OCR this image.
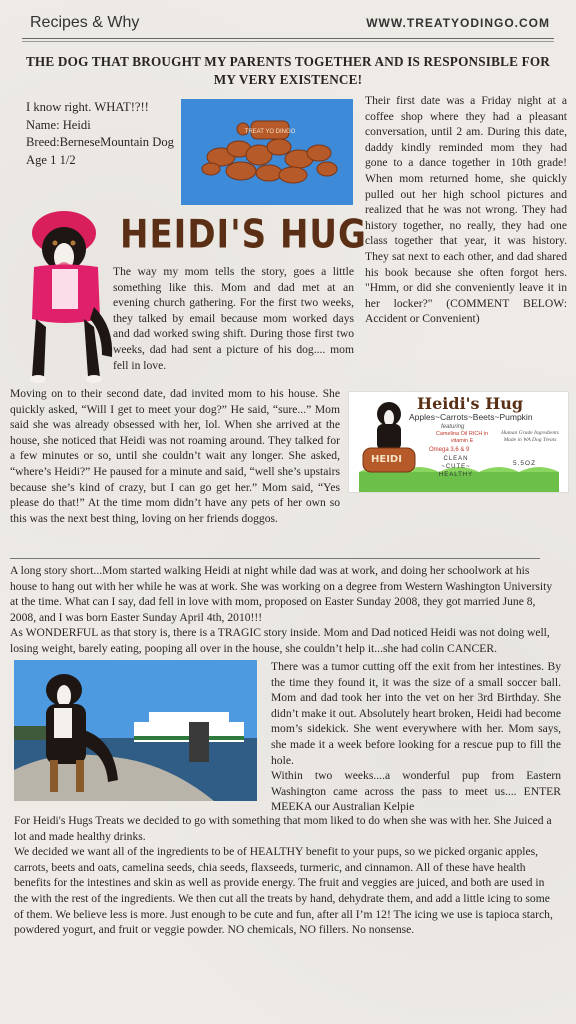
Recipes & Why	WWW.TREATYODINGO.COM
THE DOG THAT BROUGHT MY PARENTS TOGETHER AND IS RESPONSIBLE FOR MY VERY EXISTENCE!
I know right. WHAT!?!!
Name: Heidi
Breed:BerneseMountain Dog
Age 1 1/2
TREAT YO DINGO
Their first date was a Friday night at a coffee shop where they had a pleasant conversation, until 2 am. During this date, daddy kindly reminded mom they had gone to a dance together in 10th grade! When mom returned home, she quickly pulled out her high school pictures and realized that he was not wrong. They had history together, no really, they had one class together that year, it was history. They sat next to each other, and dad shared his book because she often forgot hers. "Hmm, or did she conveniently leave it in her locker?" (COMMENT BELOW: Accident or Convenient)
HEIDI'S HUG
The way my mom tells the story, goes a little something like this. Mom and dad met at an evening church gathering. For the first two weeks, they talked by email because mom worked days and dad worked swing shift. During those first two weeks, dad had sent a picture of his dog.... mom fell in love.
Moving on to their second date, dad invited mom to his house. She quickly asked, “Will I get to meet your dog?” He said, “sure...” Mom said she was already obsessed with her, lol. When she arrived at the house, she noticed that Heidi was not roaming around. They talked for a few minutes or so, until she couldn’t wait any longer. She asked, “where’s Heidi?” He paused for a minute and said, “well she’s upstairs because she’s kind of crazy, but I can go get her.” Mom said, “Yes please do that!” At the time mom didn’t have any pets of her own so this was the next best thing, loving on her friends doggos.
Heidi's Hug
Apples~Carrots~Beets~Pumpkin
featuring
Camelina Oil RICH in vitamin E
Omega 3,6 & 9
CLEAN ~CUTE~ HEALTHY
Human Grade Ingredients Made in WA Dog Treats
5.5OZ
HEIDI

A long story short...Mom started walking Heidi at night while dad was at work, and doing her schoolwork at his house to hang out with her while he was at work. She was working on a degree from Western Washington University at the time. What can I say, dad fell in love with mom, proposed on Easter Sunday 2008, they got married June 8, 2008, and I was born Easter Sunday April 4th, 2010!!!

As WONDERFUL as that story is, there is a TRAGIC story inside. Mom and Dad noticed Heidi was not doing well, losing weight, barely eating, pooping all over in the house, she couldn’t help it...she had colin CANCER.

There was a tumor cutting off the exit from her intestines. By the time they found it, it was the size of a small soccer ball. Mom and dad took her into the vet on her 3rd Birthday. She didn’t make it out. Absolutely heart broken, Heidi had become mom’s sidekick. She went everywhere with her. Mom says, she made it a week before looking for a rescue pup to fill the hole.
Within two weeks....a wonderful pup from Eastern Washington came across the pass to meet us.... ENTER MEEKA our Australian Kelpie

For Heidi's Hugs Treats we decided to go with something that mom liked to do when she was with her. She Juiced a lot and made healthy drinks.

We decided we want all of the ingredients to be of HEALTHY benefit to your pups, so we picked organic apples, carrots, beets and oats, camelina seeds, chia seeds, flaxseeds, turmeric, and cinnamon. All of these have health benefits for the intestines and skin as well as provide energy. The fruit and veggies are juiced, and both are used in the with the rest of the ingredients. We then cut all the treats by hand, dehydrate them, and add a little icing to some of them. We believe less is more. Just enough to be cute and fun, after all I’m 12! The icing we use is tapioca starch, powdered yogurt, and fruit or veggie powder. NO chemicals, NO fillers. No nonsense.
